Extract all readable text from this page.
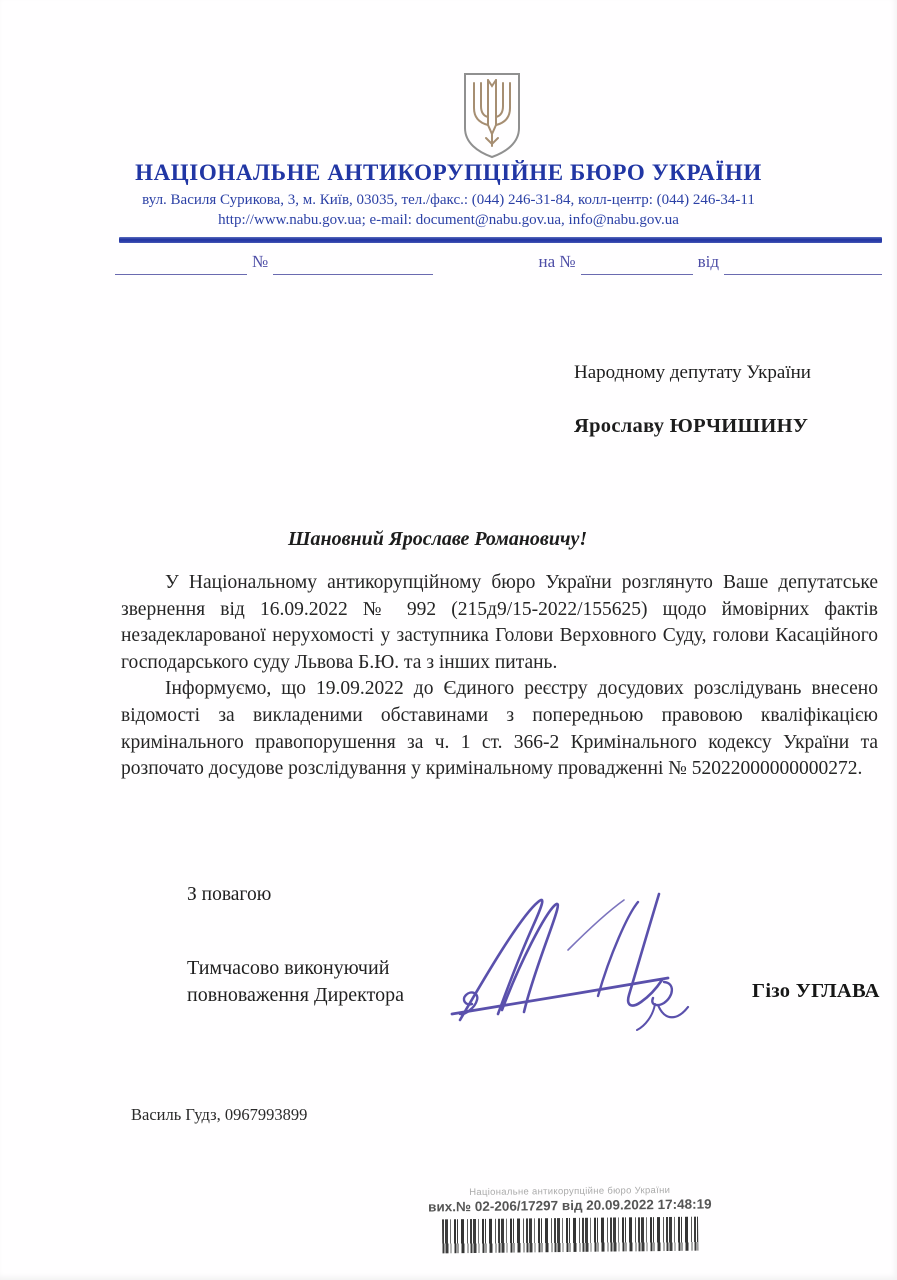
НАЦІОНАЛЬНЕ АНТИКОРУПЦІЙНЕ БЮРО УКРАЇНИ
вул. Василя Сурикова, 3, м. Київ, 03035, тел./факс.: (044) 246-31-84, колл-центр: (044) 246-34-11
http://www.nabu.gov.ua; e-mail: document@nabu.gov.ua, info@nabu.gov.ua
№	на №	від
Народному депутату України
Ярославу ЮРЧИШИНУ
Шановний Ярославе Романовичу!

У Національному антикорупційному бюро України розглянуто Ваше депутатське звернення від 16.09.2022 № 992 (215д9/15-2022/155625) щодо ймовірних фактів незадекларованої нерухомості у заступника Голови Верховного Суду, голови Касаційного господарського суду Львова Б.Ю. та з інших питань.

Інформуємо, що 19.09.2022 до Єдиного реєстру досудових розслідувань внесено відомості за викладеними обставинами з попередньою правовою кваліфікацією кримінального правопорушення за ч. 1 ст. 366-2 Кримінального кодексу України та розпочато досудове розслідування у кримінальному провадженні № 52022000000000272.

З повагою
Тимчасово виконуючий
повноваження Директора	Гізо УГЛАВА
Василь Гудз, 0967993899
Національне антикорупційне бюро України
вих.№ 02-206/17297 від 20.09.2022 17:48:19
